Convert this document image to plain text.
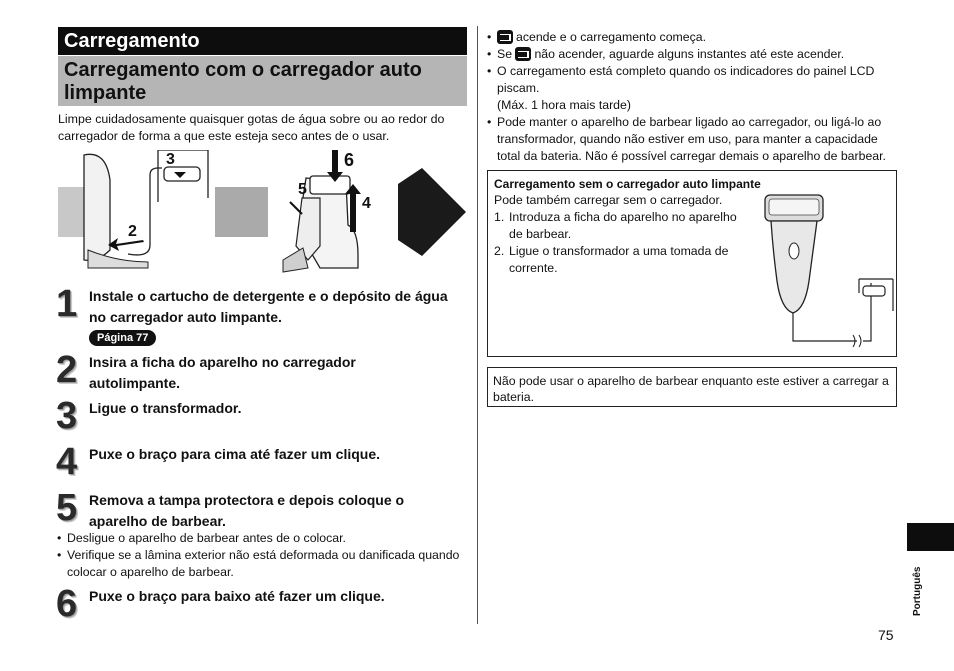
Carregamento
Carregamento com o carregador auto limpante
Limpe cuidadosamente quaisquer gotas de água sobre ou ao redor do carregador de forma a que este esteja seco antes de o usar.
3
2
6
4
5
1
2
3
4
5
6
Instale o cartucho de detergente e o depósito de água no carregador auto limpante.
Página 77
Insira a ficha do aparelho no carregador autolimpante.
Ligue o transformador.
Puxe o braço para cima até fazer um clique.
Remova a tampa protectora e depois coloque o aparelho de barbear.
• Desligue o aparelho de barbear antes de o colocar.
• Verifique se a lâmina exterior não está deformada ou danificada quando colocar o aparelho de barbear.
Puxe o braço para baixo até fazer um clique.
• acende e o carregamento começa.
• Se não acender, aguarde alguns instantes até este acender.
• O carregamento está completo quando os indicadores do painel LCD piscam.
(Máx. 1 hora mais tarde)
• Pode manter o aparelho de barbear ligado ao carregador, ou ligá-lo ao transformador, quando não estiver em uso, para manter a capacidade total da bateria. Não é possível carregar demais o aparelho de barbear.
Carregamento sem o carregador auto limpante
Pode também carregar sem o carregador.
1. Introduza a ficha do aparelho no aparelho de barbear.
2. Ligue o transformador a uma tomada de corrente.
Não pode usar o aparelho de barbear enquanto este estiver a carregar a bateria.
Português
75
